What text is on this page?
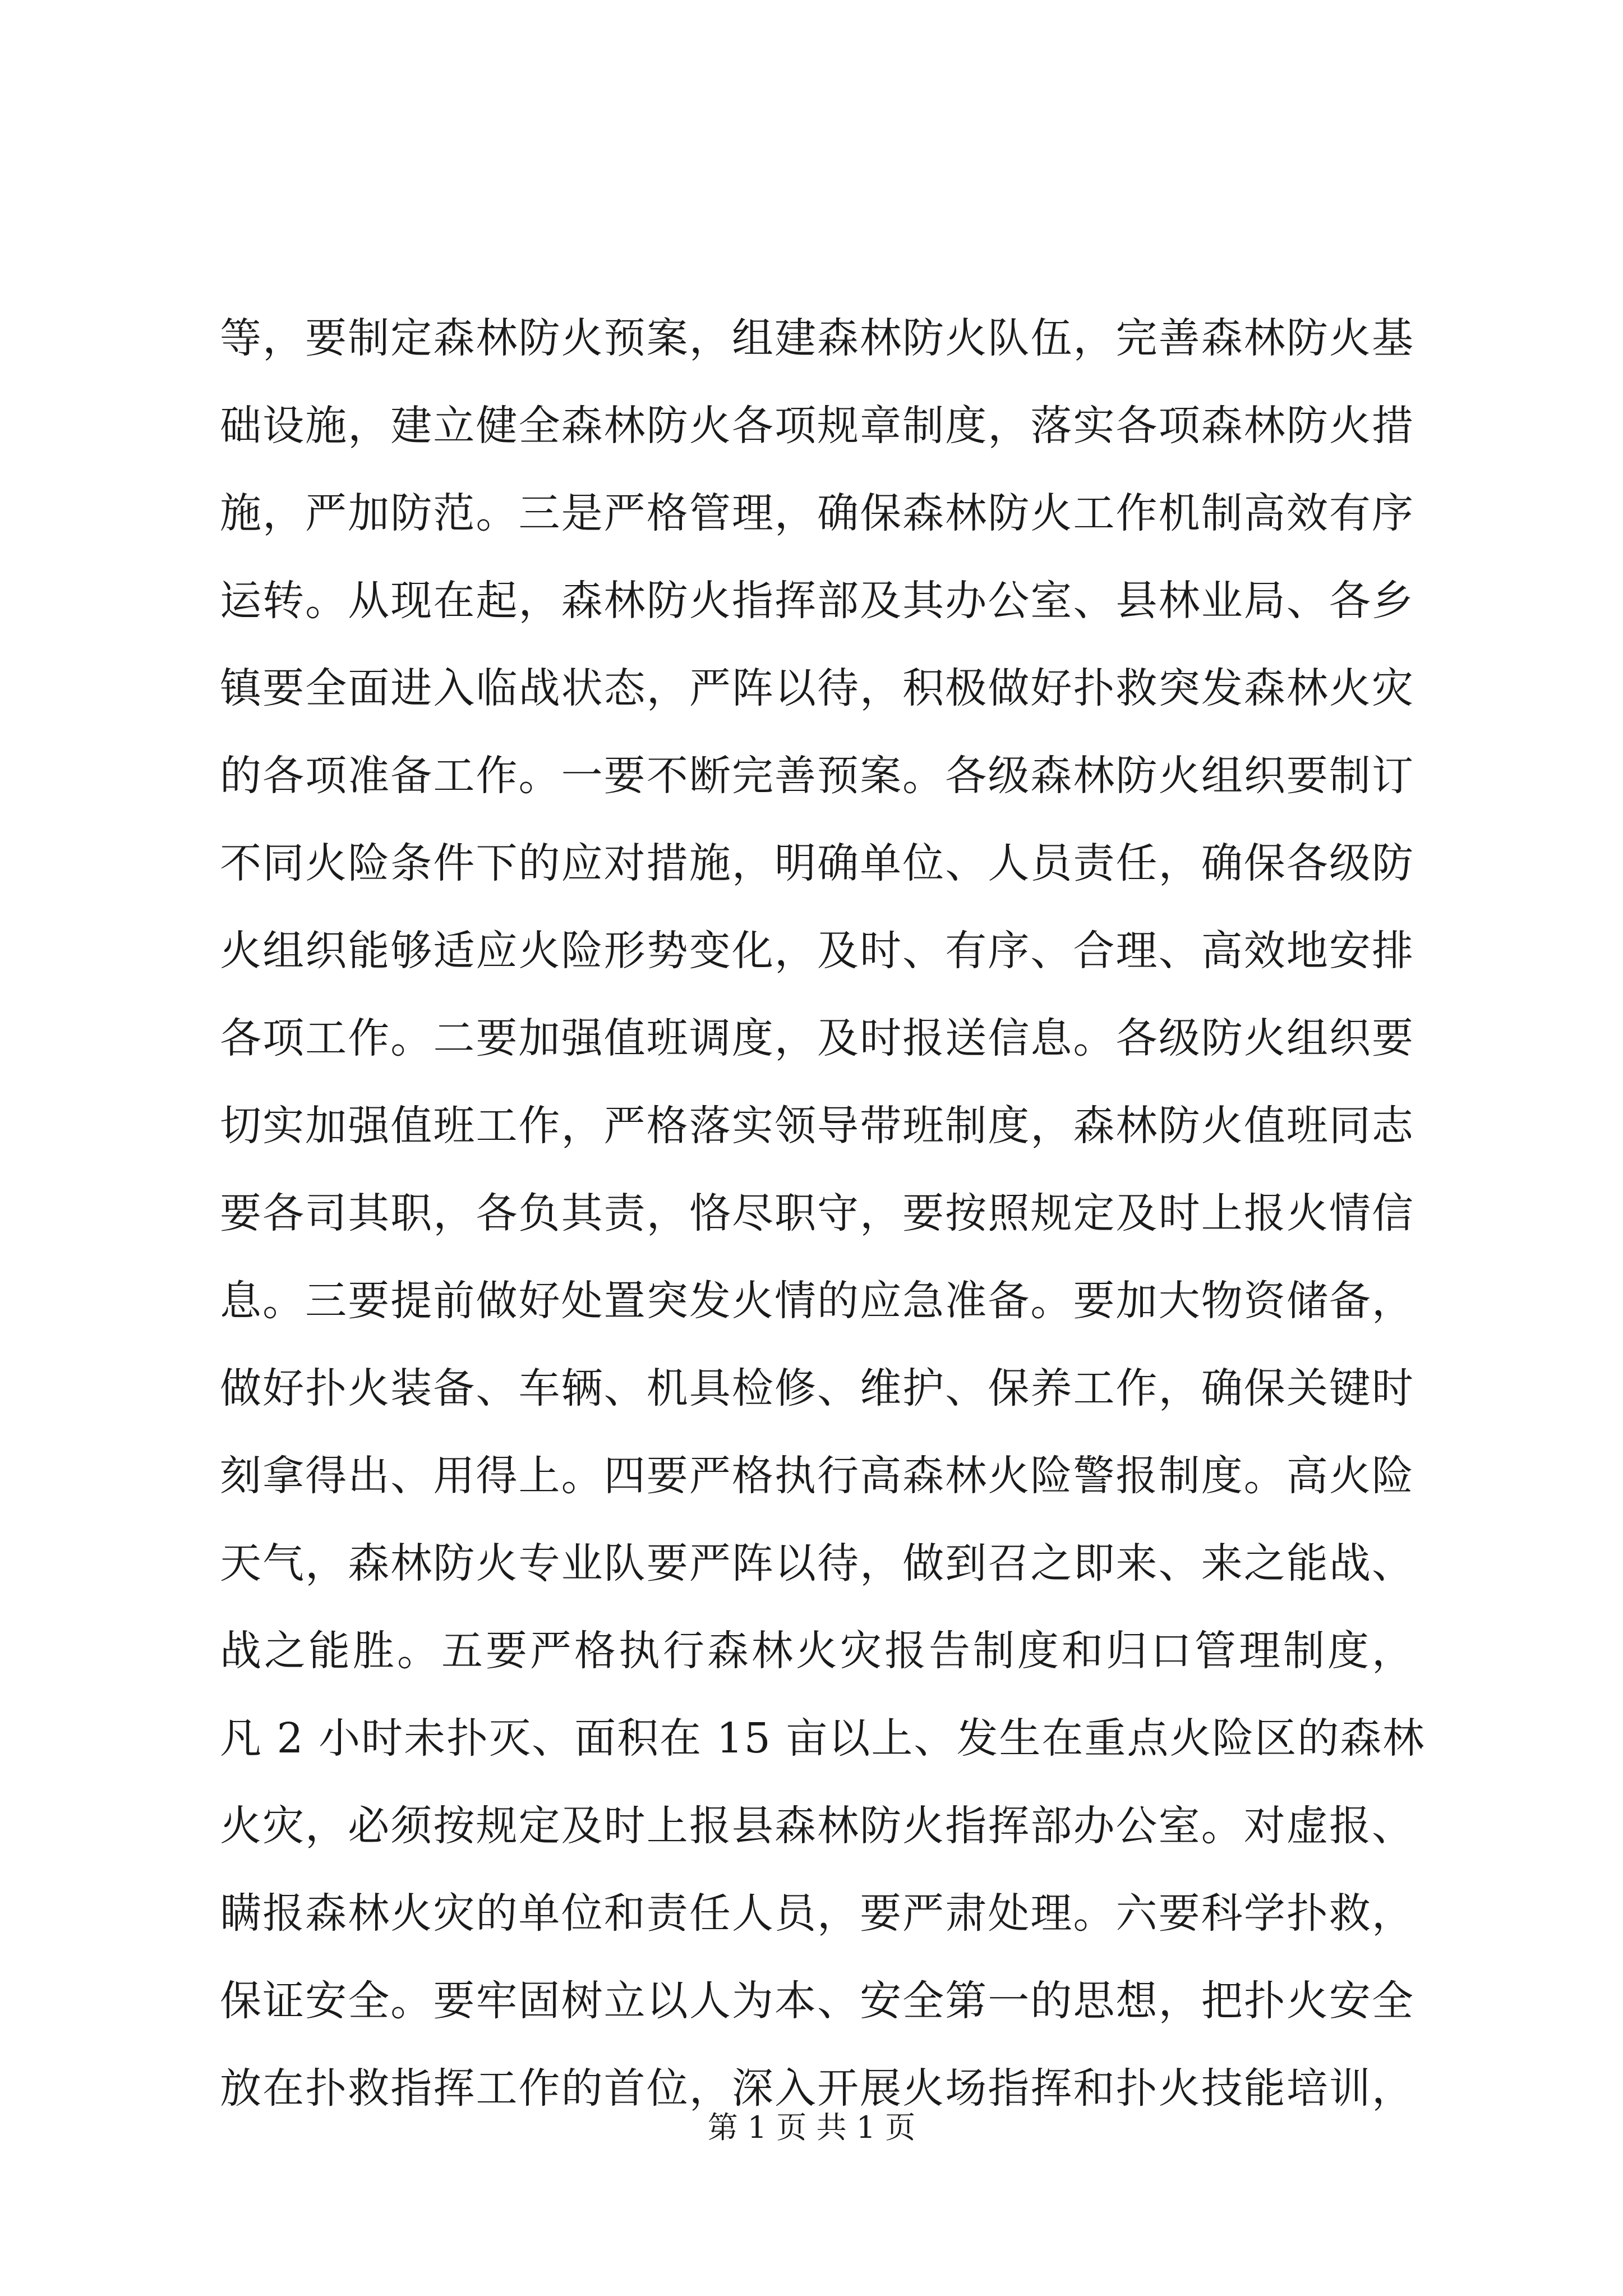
等，要制定森林防火预案，组建森林防火队伍，完善森林防火基
础设施，建立健全森林防火各项规章制度，落实各项森林防火措
施，严加防范。三是严格管理，确保森林防火工作机制高效有序
运转。从现在起，森林防火指挥部及其办公室、县林业局、各乡
镇要全面进入临战状态，严阵以待，积极做好扑救突发森林火灾
的各项准备工作。一要不断完善预案。各级森林防火组织要制订
不同火险条件下的应对措施，明确单位、人员责任，确保各级防
火组织能够适应火险形势变化，及时、有序、合理、高效地安排
各项工作。二要加强值班调度，及时报送信息。各级防火组织要
切实加强值班工作，严格落实领导带班制度，森林防火值班同志
要各司其职，各负其责，恪尽职守，要按照规定及时上报火情信
息。三要提前做好处置突发火情的应急准备。要加大物资储备，
做好扑火装备、车辆、机具检修、维护、保养工作，确保关键时
刻拿得出、用得上。四要严格执行高森林火险警报制度。高火险
天气，森林防火专业队要严阵以待，做到召之即来、来之能战、
战之能胜。五要严格执行森林火灾报告制度和归口管理制度，
凡 2 小时未扑灭、面积在 15 亩以上、发生在重点火险区的森林
火灾，必须按规定及时上报县森林防火指挥部办公室。对虚报、
瞒报森林火灾的单位和责任人员，要严肃处理。六要科学扑救，
保证安全。要牢固树立以人为本、安全第一的思想，把扑火安全
放在扑救指挥工作的首位，深入开展火场指挥和扑火技能培训，
第 1 页 共 1 页
